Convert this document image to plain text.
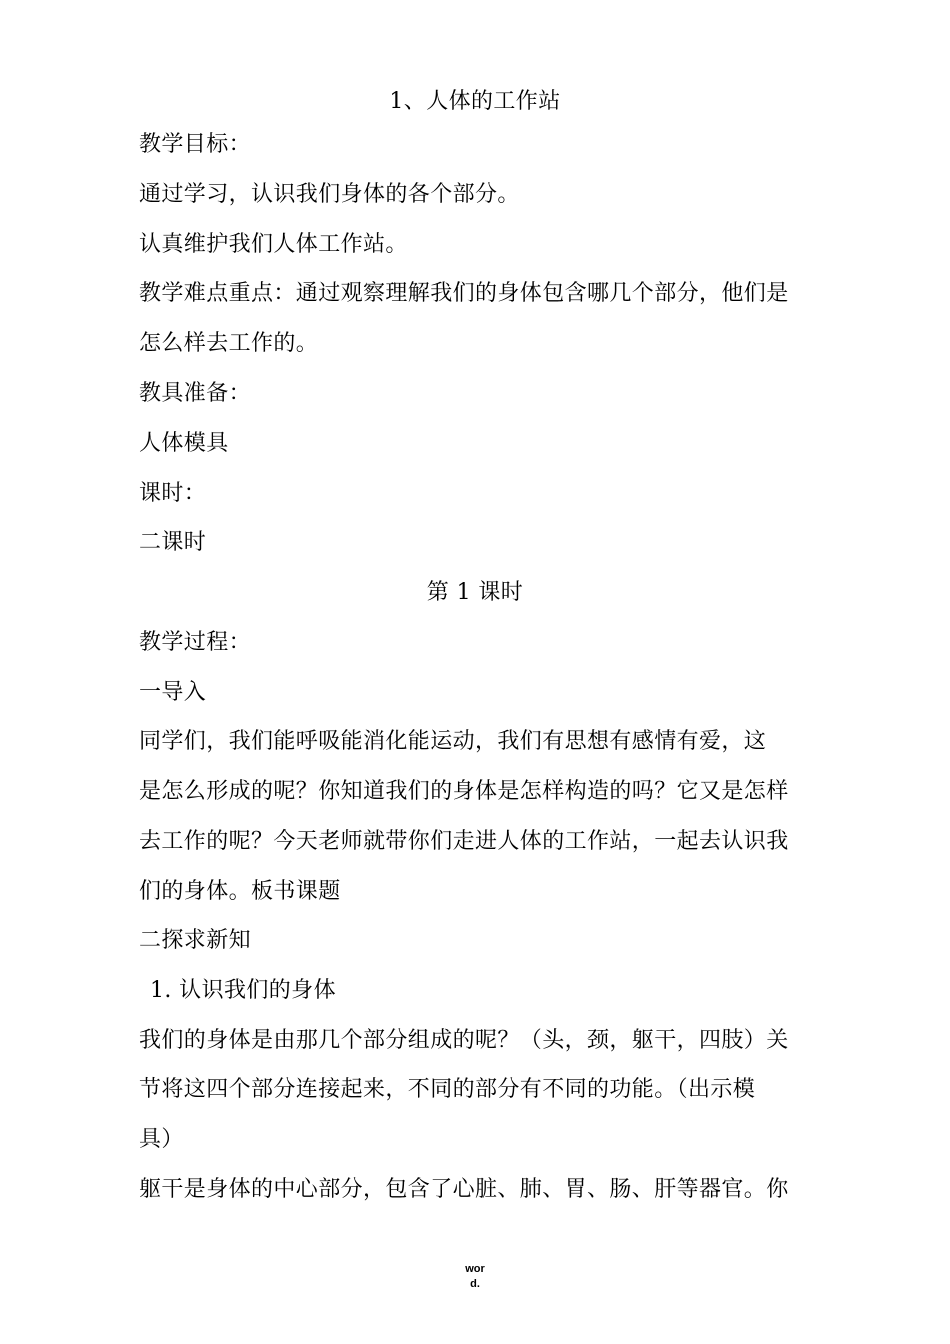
1、人体的工作站
教学目标：
通过学习，认识我们身体的各个部分。
认真维护我们人体工作站。
教学难点重点：通过观察理解我们的身体包含哪几个部分，他们是
怎么样去工作的。
教具准备：
人体模具
课时：
二课时
第 1 课时
教学过程：
一导入
同学们，我们能呼吸能消化能运动，我们有思想有感情有爱，这
是怎么形成的呢？你知道我们的身体是怎样构造的吗？它又是怎样
去工作的呢？今天老师就带你们走进人体的工作站，一起去认识我
们的身体。板书课题
二探求新知
1. 认识我们的身体
我们的身体是由那几个部分组成的呢？（头，颈，躯干，四肢）关
节将这四个部分连接起来，不同的部分有不同的功能。（出示模
具）
躯干是身体的中心部分，包含了心脏、肺、胃、肠、肝等器官。你
wor
d.
